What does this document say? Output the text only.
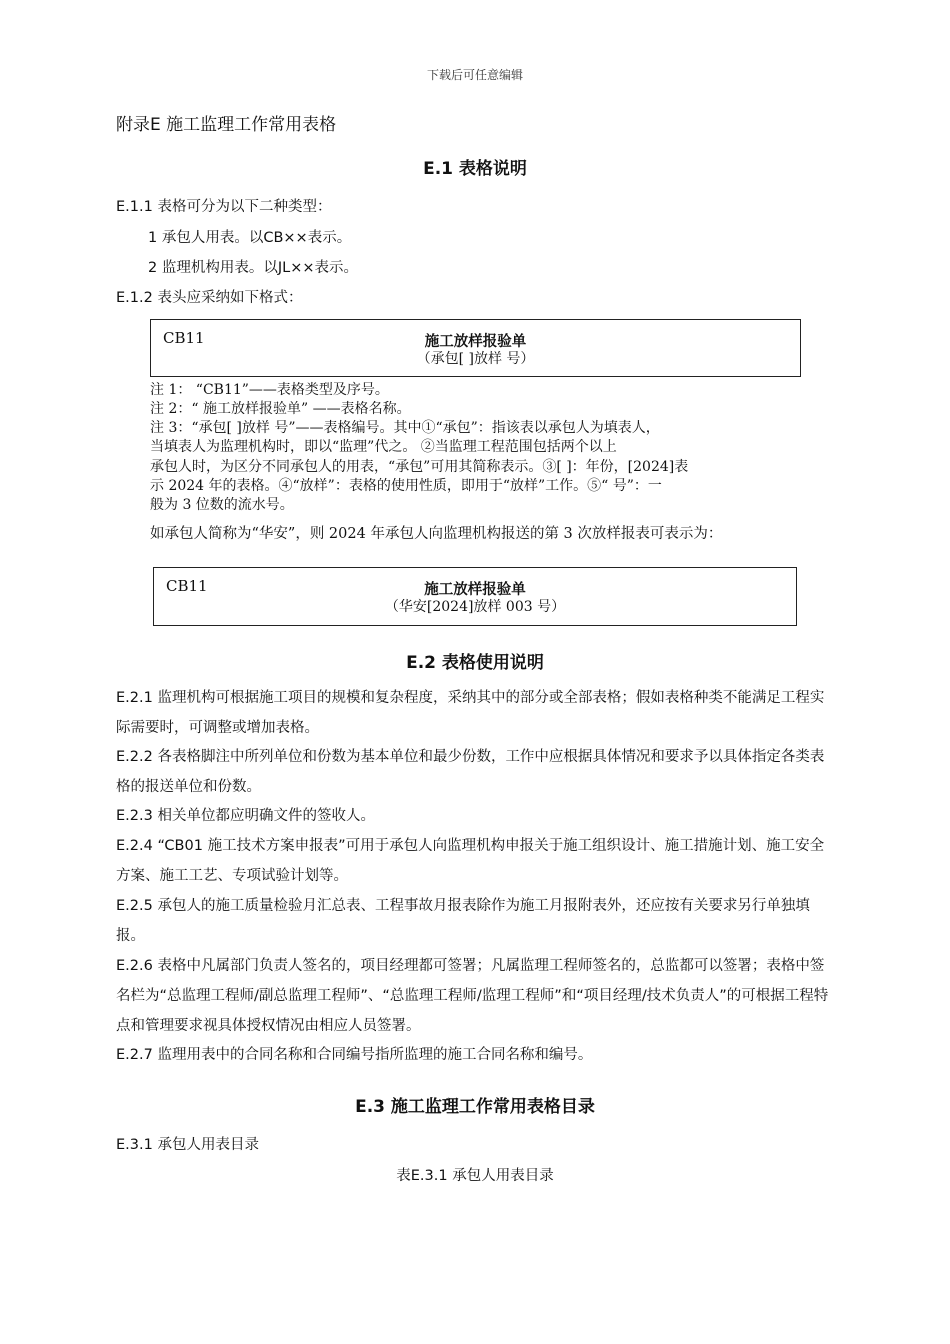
下载后可任意编辑
附录E 施工监理工作常用表格
E.1 表格说明
E.1.1 表格可分为以下二种类型：
1 承包人用表。以CB××表示。
2 监理机构用表。以JL××表示。
E.1.2 表头应采纳如下格式：
CB11	施工放样报验单
（承包[ ]放样 号）
注 1： “CB11”——表格类型及序号。
注 2：“ 施工放样报验单” ——表格名称。
注 3：“承包[ ]放样 号”——表格编号。其中①“承包”：指该表以承包人为填表人，
当填表人为监理机构时，即以“监理”代之。 ②当监理工程范围包括两个以上
承包人时，为区分不同承包人的用表，“承包”可用其简称表示。③[ ]：年份，[2024]表
示 2024 年的表格。④“放样”：表格的使用性质，即用于“放样”工作。⑤“ 号”：一
般为 3 位数的流水号。
如承包人简称为“华安”，则 2024 年承包人向监理机构报送的第 3 次放样报表可表示为：
CB11	施工放样报验单
（华安[2024]放样 003 号）
E.2 表格使用说明
E.2.1 监理机构可根据施工项目的规模和复杂程度，采纳其中的部分或全部表格；假如表格种类不能满足工程实际需要时，可调整或增加表格。
E.2.2 各表格脚注中所列单位和份数为基本单位和最少份数，工作中应根据具体情况和要求予以具体指定各类表格的报送单位和份数。
E.2.3 相关单位都应明确文件的签收人。
E.2.4 “CB01 施工技术方案申报表”可用于承包人向监理机构申报关于施工组织设计、施工措施计划、施工安全方案、施工工艺、专项试验计划等。
E.2.5 承包人的施工质量检验月汇总表、工程事故月报表除作为施工月报附表外，还应按有关要求另行单独填报。
E.2.6 表格中凡属部门负责人签名的，项目经理都可签署；凡属监理工程师签名的，总监都可以签署；表格中签名栏为“总监理工程师/副总监理工程师”、“总监理工程师/监理工程师”和“项目经理/技术负责人”的可根据工程特点和管理要求视具体授权情况由相应人员签署。
E.2.7 监理用表中的合同名称和合同编号指所监理的施工合同名称和编号。
E.3 施工监理工作常用表格目录
E.3.1 承包人用表目录
表E.3.1 承包人用表目录
